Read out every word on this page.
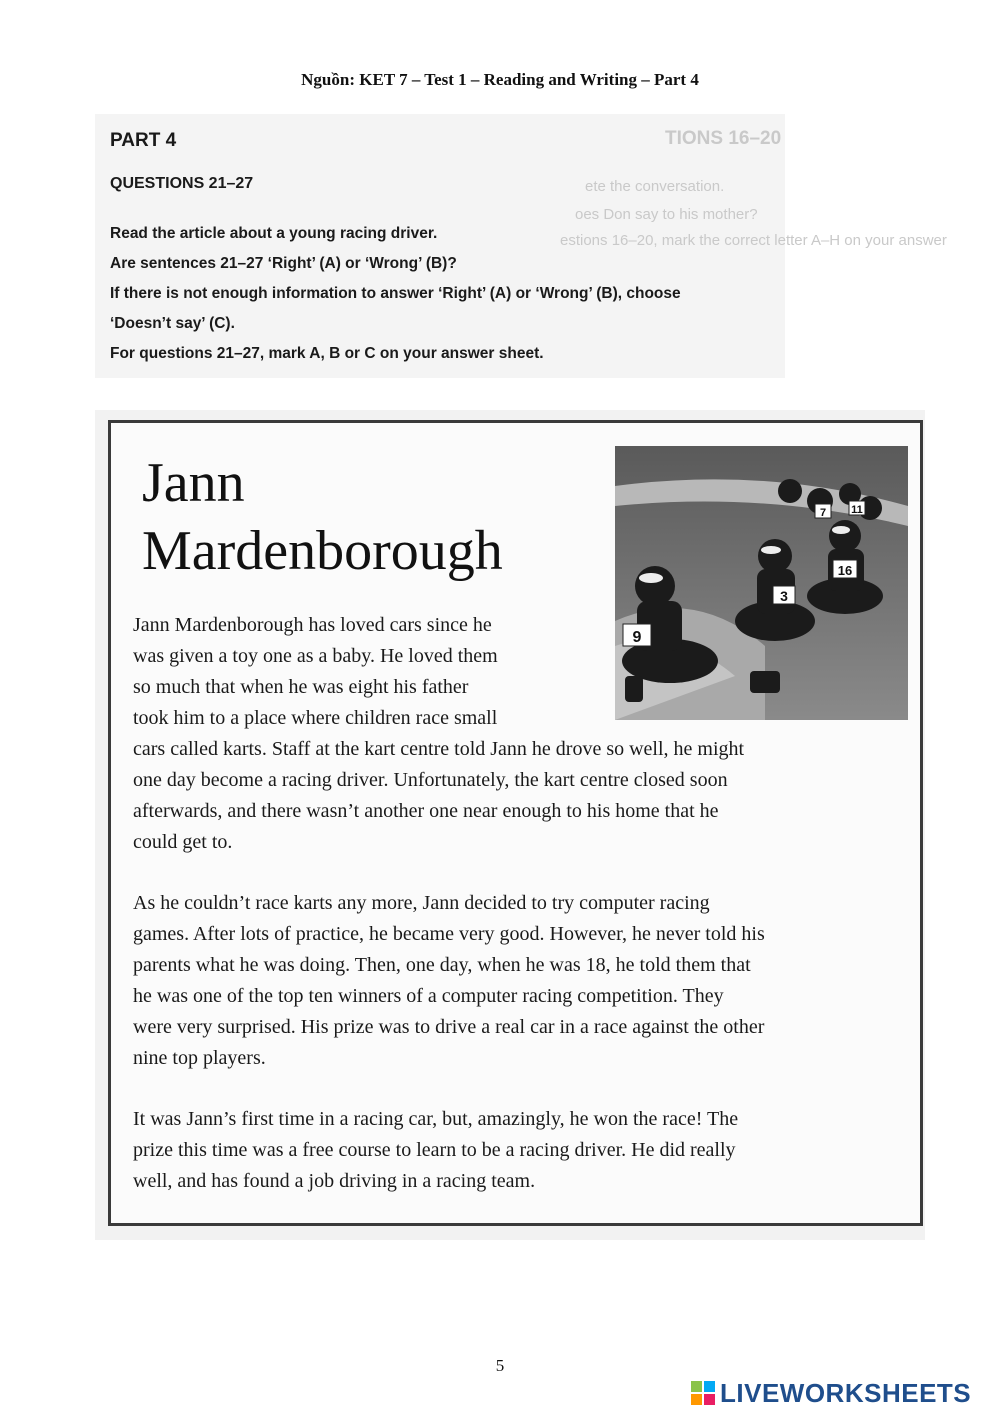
Nguồn: KET 7 – Test 1 – Reading and Writing – Part 4
TIONS 16–20
ete the conversation.
oes Don say to his mother?
estions 16–20, mark the correct letter A–H on your answer
PART 4
QUESTIONS 21–27
Read the article about a young racing driver.
Are sentences 21–27 ‘Right’ (A) or ‘Wrong’ (B)?
If there is not enough information to answer ‘Right’ (A) or ‘Wrong’ (B), choose
‘Doesn’t say’ (C).
For questions 21–27, mark A, B or C on your answer sheet.
Jann
Mardenborough
9
3
16
7 11
Jann Mardenborough has loved cars since he
was given a toy one as a baby. He loved them
so much that when he was eight his father
took him to a place where children race small
cars called karts. Staff at the kart centre told Jann he drove so well, he might
one day become a racing driver. Unfortunately, the kart centre closed soon
afterwards, and there wasn’t another one near enough to his home that he
could get to.
As he couldn’t race karts any more, Jann decided to try computer racing
games. After lots of practice, he became very good. However, he never told his
parents what he was doing. Then, one day, when he was 18, he told them that
he was one of the top ten winners of a computer racing competition. They
were very surprised. His prize was to drive a real car in a race against the other
nine top players.
It was Jann’s first time in a racing car, but, amazingly, he won the race! The
prize this time was a free course to learn to be a racing driver. He did really
well, and has found a job driving in a racing team.
5
LIVEWORKSHEETS
